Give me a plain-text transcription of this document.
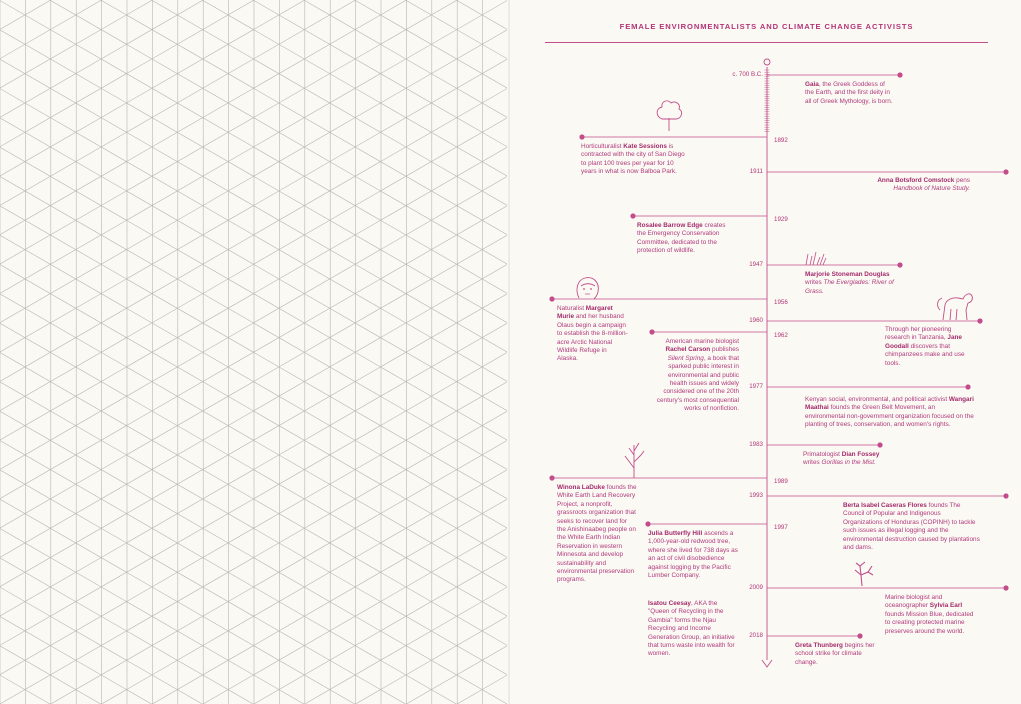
FEMALE ENVIRONMENTALISTS AND CLIMATE CHANGE ACTIVISTS
c. 700 B.C.
Gaia, the Greek Goddess of the Earth, and the first deity in all of Greek Mythology, is born.
1892
Horticulturalist Kate Sessions is contracted with the city of San Diego to plant 100 trees per year for 10 years in what is now Balboa Park.	1911
Anna Botsford Comstock pens Handbook of Nature Study.
1929
Rosalee Barrow Edge creates the Emergency Conservation Committee, dedicated to the protection of wildlife.
1947
Marjorie Stoneman Douglas writes The Everglades: River of Grass.
1956
Naturalist Margaret Murie and her husband Olaus begin a campaign to establish the 8-million-acre Arctic National Wildlife Refuge in Alaska.
1960
Through her pioneering research in Tanzania, Jane Goodall discovers that chimpanzees make and use tools.
1962
American marine biologist Rachel Carson publishes Silent Spring, a book that sparked public interest in environmental and public health issues and widely considered one of the 20th century's most consequential works of nonfiction.
1977
Kenyan social, environmental, and political activist Wangari Maathai founds the Green Belt Movement, an environmental non-government organization focused on the planting of trees, conservation, and women's rights.
1983
Primatologist Dian Fossey writes Gorillas in the Mist.
1989
Winona LaDuke founds the White Earth Land Recovery Project, a nonprofit, grassroots organization that seeks to recover land for the Anishinaabeg people on the White Earth Indian Reservation in western Minnesota and develop sustainability and environmental preservation programs.
1993
Berta Isabel Caseras Flores founds The Council of Popular and Indigenous Organizations of Honduras (COPINH) to tackle such issues as illegal logging and the environmental destruction caused by plantations and dams.
1997
Julia Butterfly Hill ascends a 1,000-year-old redwood tree, where she lived for 738 days as an act of civil disobedience against logging by the Pacific Lumber Company.
Isatou Ceesay, AKA the "Queen of Recycling in the Gambia" forms the Njau Recycling and Income Generation Group, an initiative that turns waste into wealth for women.
2009
Marine biologist and oceanographer Sylvia Earl founds Mission Blue, dedicated to creating protected marine preserves around the world.
2018
Greta Thunberg begins her school strike for climate change.
